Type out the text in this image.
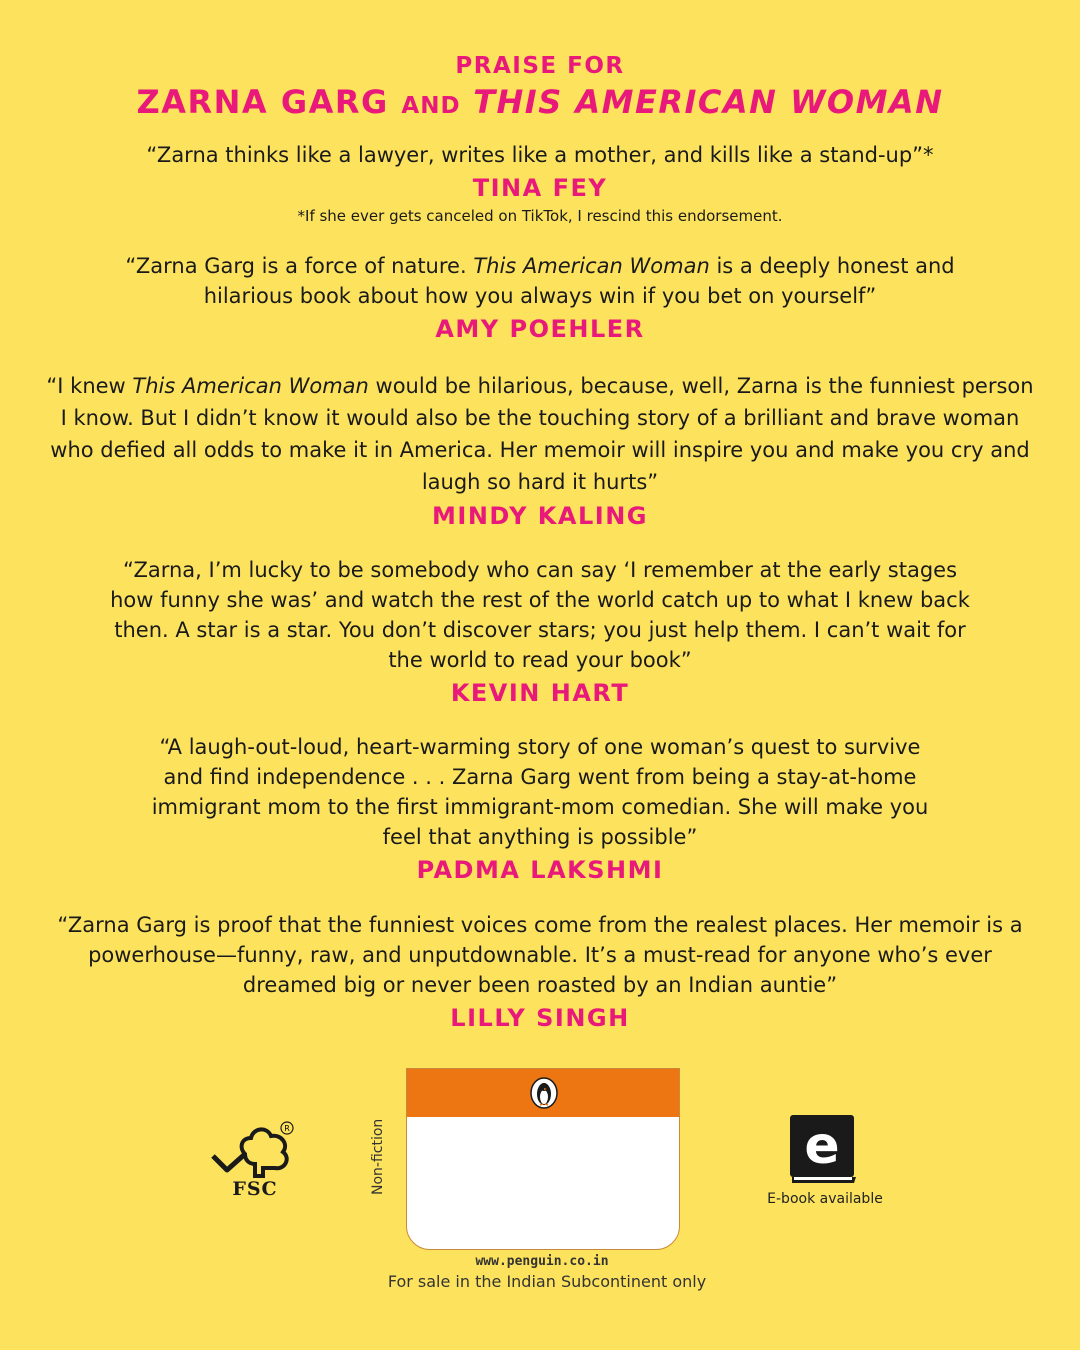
PRAISE FOR
ZARNA GARG AND THIS AMERICAN WOMAN

“Zarna thinks like a lawyer, writes like a mother, and kills like a stand-up”*

TINA FEY
*If she ever gets canceled on TikTok, I rescind this endorsement.

“Zarna Garg is a force of nature. This American Woman is a deeply honest and hilarious book about how you always win if you bet on yourself”

AMY POEHLER

“I knew This American Woman would be hilarious, because, well, Zarna is the funniest person I know. But I didn’t know it would also be the touching story of a brilliant and brave woman who defied all odds to make it in America. Her memoir will inspire you and make you cry and laugh so hard it hurts”

MINDY KALING

“Zarna, I’m lucky to be somebody who can say ‘I remember at the early stages how funny she was’ and watch the rest of the world catch up to what I knew back then. A star is a star. You don’t discover stars; you just help them. I can’t wait for the world to read your book”

KEVIN HART

“A laugh-out-loud, heart-warming story of one woman’s quest to survive and find independence . . . Zarna Garg went from being a stay-at-home immigrant mom to the first immigrant-mom comedian. She will make you feel that anything is possible”

PADMA LAKSHMI

“Zarna Garg is proof that the funniest voices come from the realest places. Her memoir is a powerhouse—funny, raw, and unputdownable. It’s a must-read for anyone who’s ever dreamed big or never been roasted by an Indian auntie”

LILLY SINGH
R
FSC	Non-fiction
www.penguin.co.in
For sale in the Indian Subcontinent only
e
E-book available
